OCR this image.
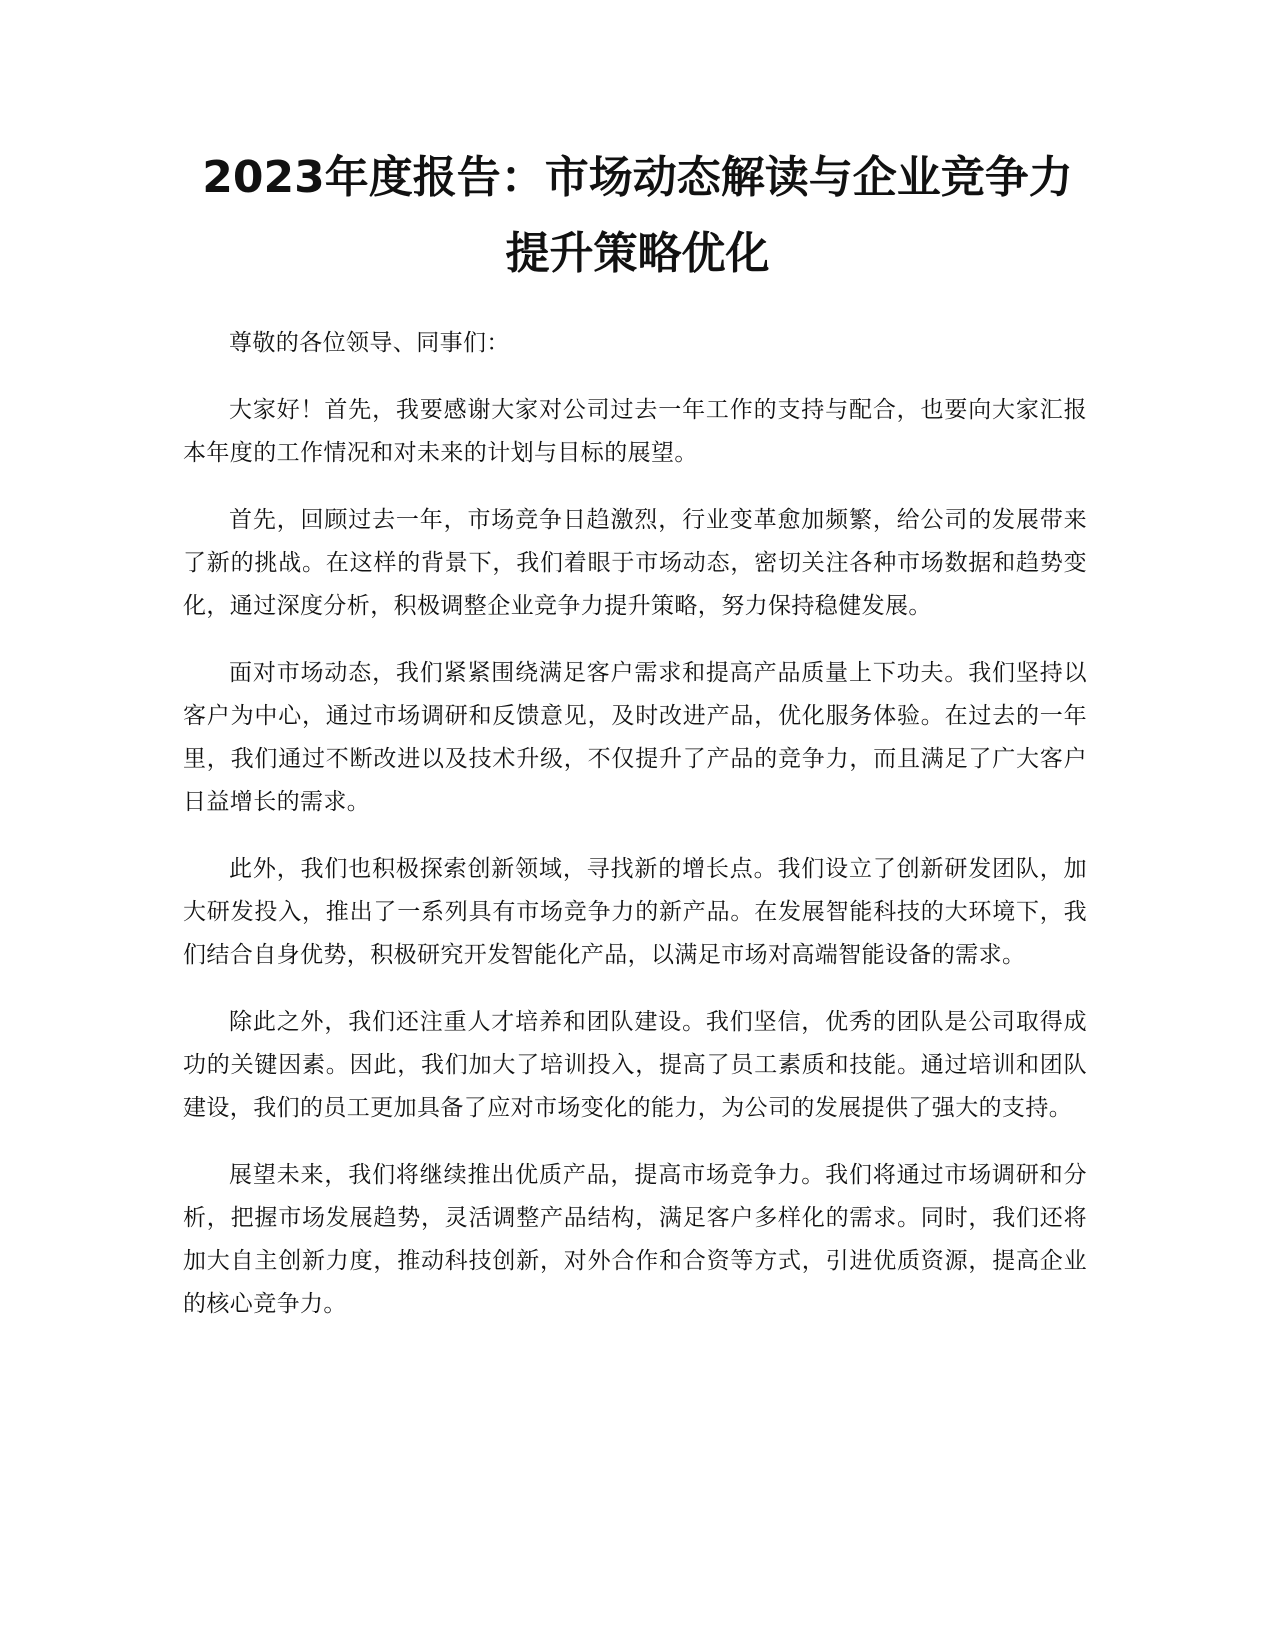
2023年度报告：市场动态解读与企业竞争力
提升策略优化

尊敬的各位领导、同事们：

大家好！首先，我要感谢大家对公司过去一年工作的支持与配合，也要向大家汇报本年度的工作情况和对未来的计划与目标的展望。

首先，回顾过去一年，市场竞争日趋激烈，行业变革愈加频繁，给公司的发展带来了新的挑战。在这样的背景下，我们着眼于市场动态，密切关注各种市场数据和趋势变化，通过深度分析，积极调整企业竞争力提升策略，努力保持稳健发展。

面对市场动态，我们紧紧围绕满足客户需求和提高产品质量上下功夫。我们坚持以客户为中心，通过市场调研和反馈意见，及时改进产品，优化服务体验。在过去的一年里，我们通过不断改进以及技术升级，不仅提升了产品的竞争力，而且满足了广大客户日益增长的需求。

此外，我们也积极探索创新领域，寻找新的增长点。我们设立了创新研发团队，加大研发投入，推出了一系列具有市场竞争力的新产品。在发展智能科技的大环境下，我们结合自身优势，积极研究开发智能化产品，以满足市场对高端智能设备的需求。

除此之外，我们还注重人才培养和团队建设。我们坚信，优秀的团队是公司取得成功的关键因素。因此，我们加大了培训投入，提高了员工素质和技能。通过培训和团队建设，我们的员工更加具备了应对市场变化的能力，为公司的发展提供了强大的支持。

展望未来，我们将继续推出优质产品，提高市场竞争力。我们将通过市场调研和分析，把握市场发展趋势，灵活调整产品结构，满足客户多样化的需求。同时，我们还将加大自主创新力度，推动科技创新，对外合作和合资等方式，引进优质资源，提高企业的核心竞争力。
